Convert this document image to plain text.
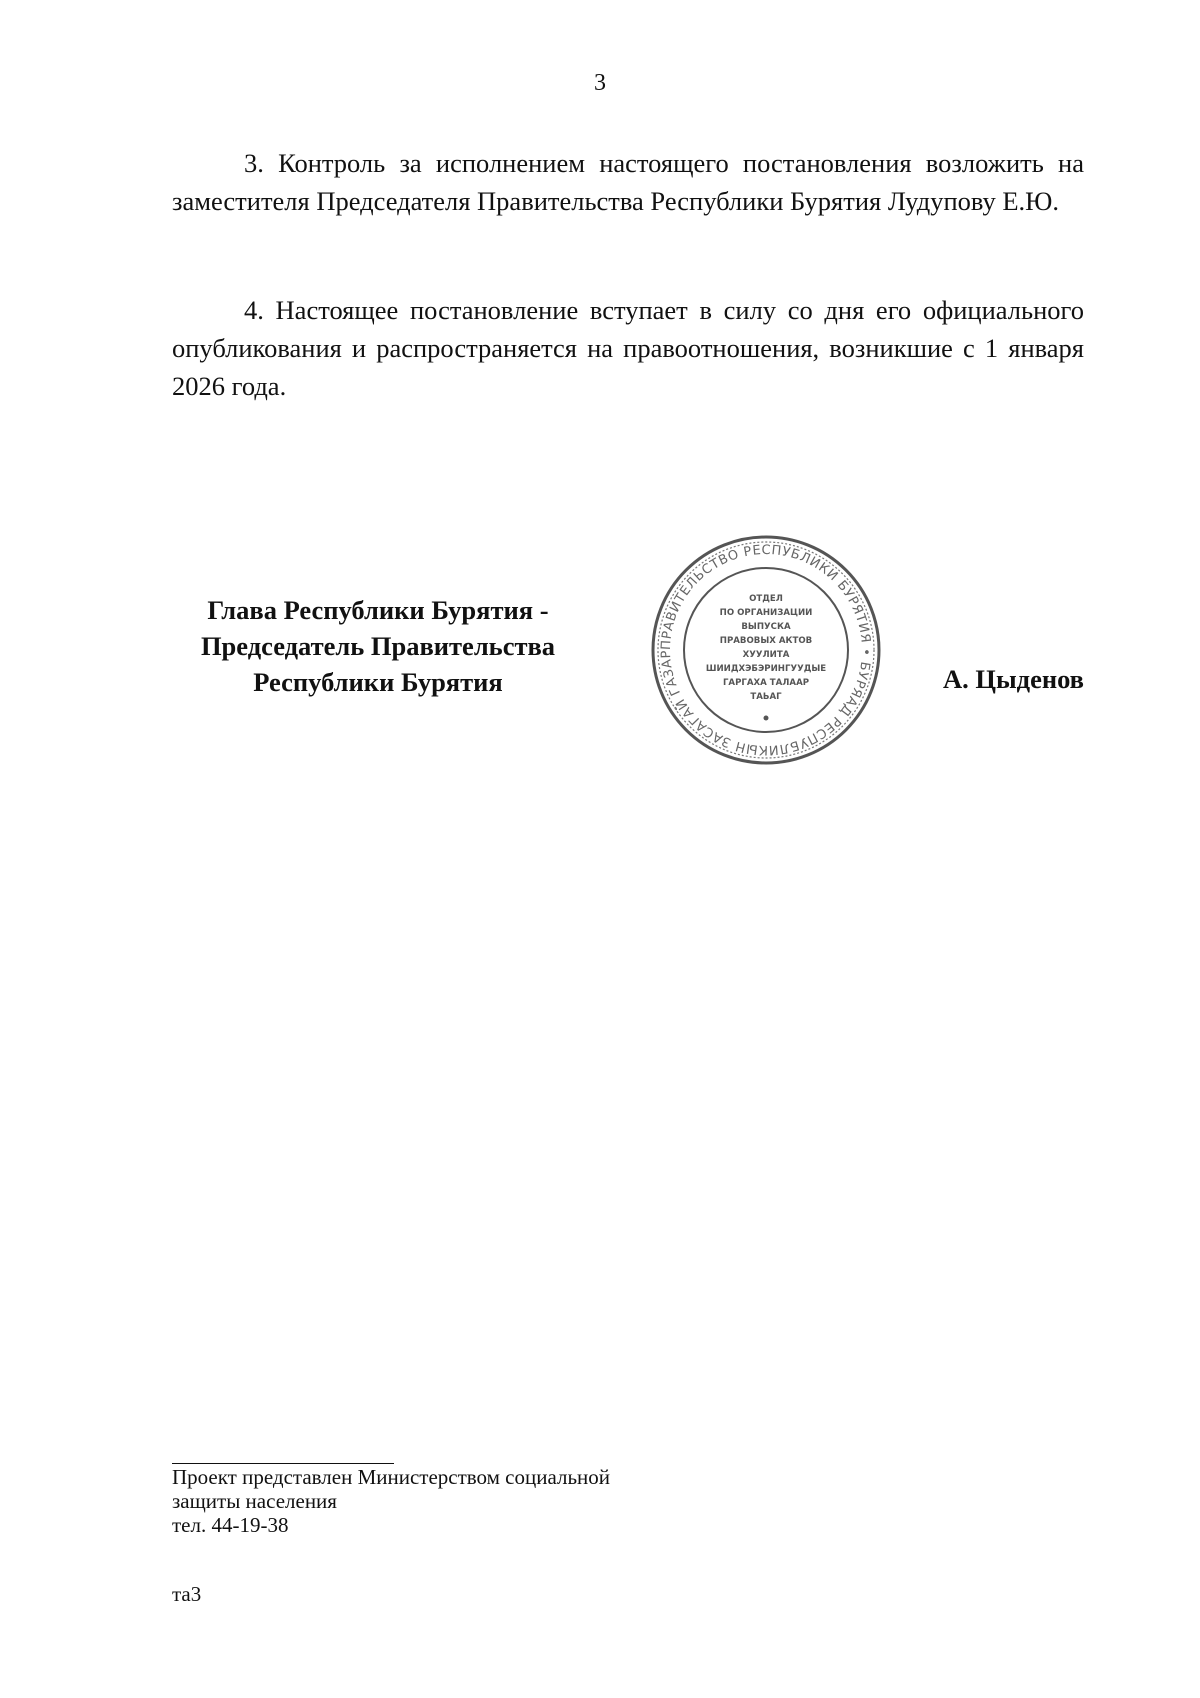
3

3. Контроль за исполнением настоящего постановления возложить на заместителя Председателя Правительства Республики Бурятия Лудупову Е.Ю.

4. Настоящее постановление вступает в силу со дня его официального опубликования и распространяется на правоотношения, возникшие с 1 января 2026 года.

Глава Республики Бурятия -
Председатель Правительства
Республики Бурятия
ПРАВИТЕЛЬСТВО РЕСПУБЛИКИ БУРЯТИЯ • БУРЯАД РЕСПУБЛИКЫН ЗАСАГАЙ ГАЗАР
ОТДЕЛ
ПО ОРГАНИЗАЦИИ
ВЫПУСКА
ПРАВОВЫХ АКТОВ
ХУУЛИТА
ШИИДХЭБЭРИНГУУДЫЕ
ГАРГАХА ТАЛААР
ТАЬАГ
А. Цыденов
Проект представлен Министерством социальной
защиты населения
тел. 44-19-38
та3
